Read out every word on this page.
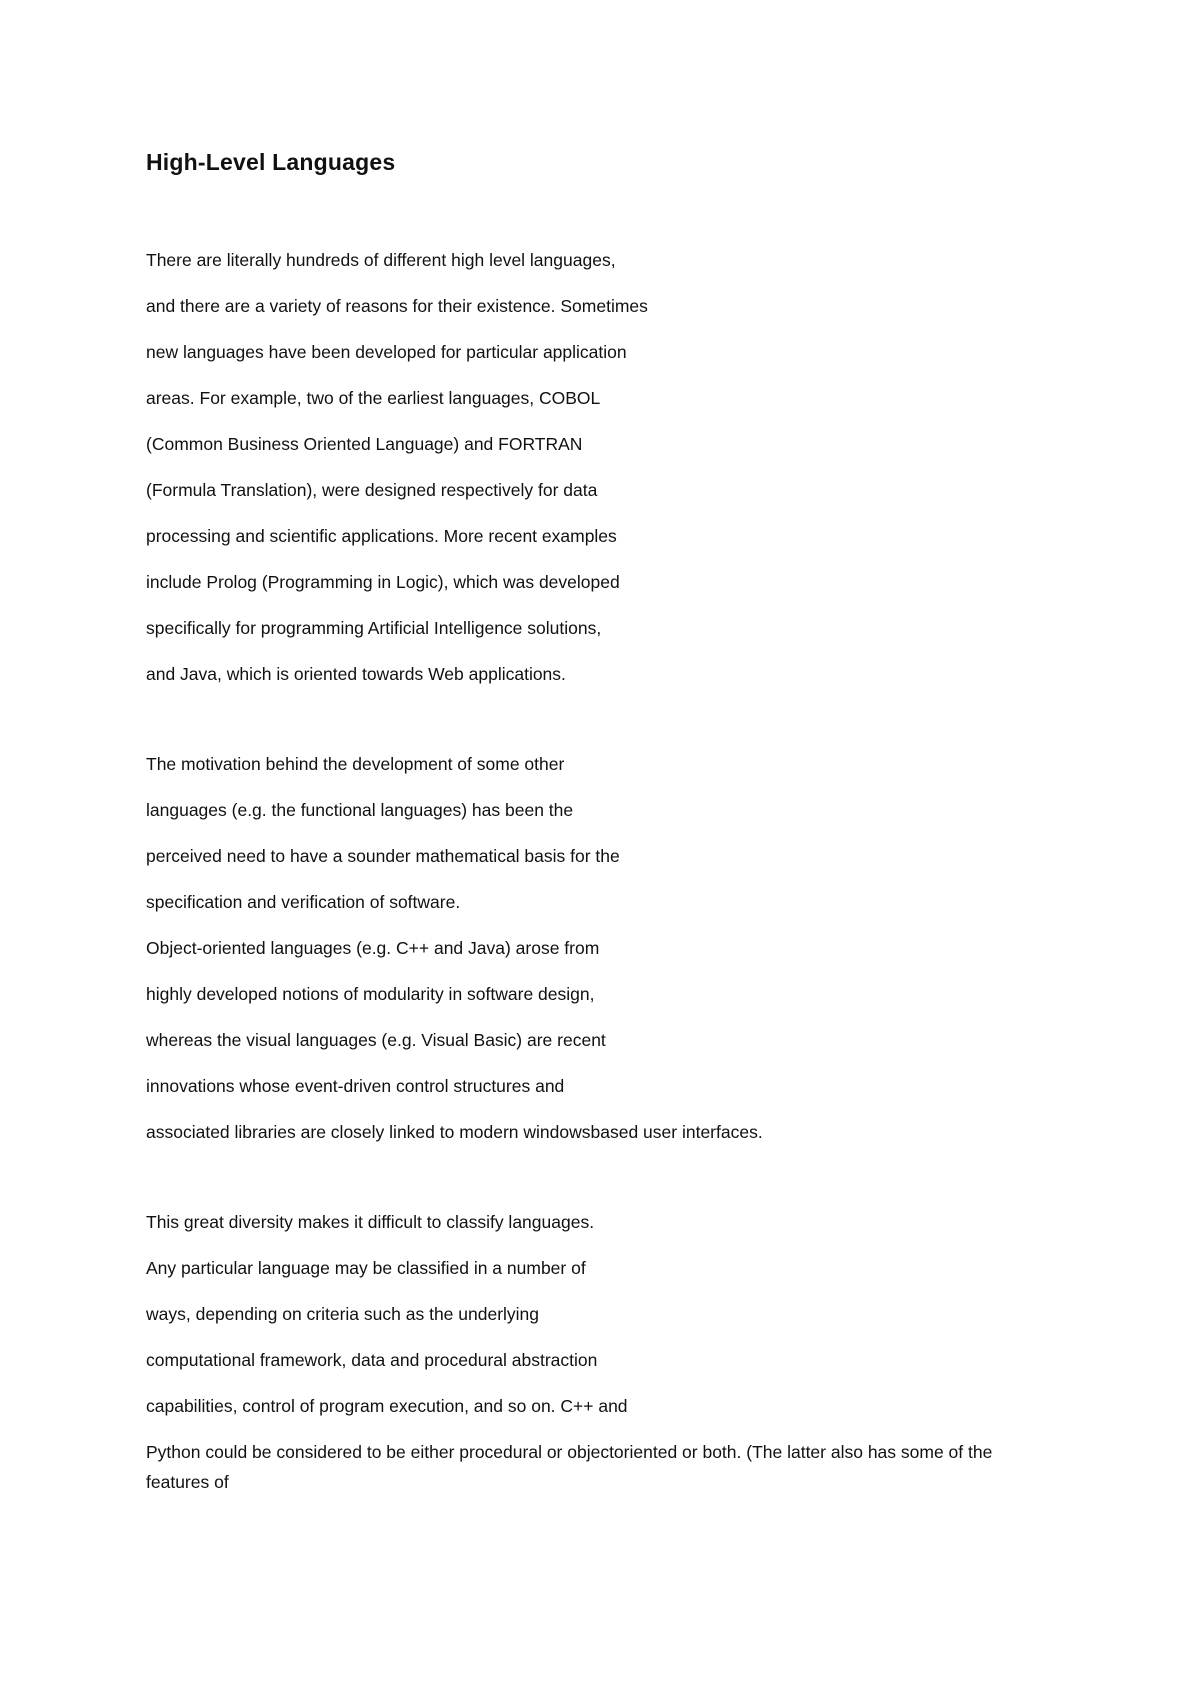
High-Level Languages

There are literally hundreds of different high level languages,

and there are a variety of reasons for their existence. Sometimes

new languages have been developed for particular application

areas. For example, two of the earliest languages, COBOL

(Common Business Oriented Language) and FORTRAN

(Formula Translation), were designed respectively for data

processing and scientific applications. More recent examples

include Prolog (Programming in Logic), which was developed

specifically for programming Artificial Intelligence solutions,

and Java, which is oriented towards Web applications.

The motivation behind the development of some other

languages (e.g. the functional languages) has been the

perceived need to have a sounder mathematical basis for the

specification and verification of software.

Object-oriented languages (e.g. C++ and Java) arose from

highly developed notions of modularity in software design,

whereas the visual languages (e.g. Visual Basic) are recent

innovations whose event-driven control structures and

associated libraries are closely linked to modern windowsbased user interfaces.

This great diversity makes it difficult to classify languages.

Any particular language may be classified in a number of

ways, depending on criteria such as the underlying

computational framework, data and procedural abstraction

capabilities, control of program execution, and so on. C++ and

Python could be considered to be either procedural or objectoriented or both. (The latter also has some of the features of
